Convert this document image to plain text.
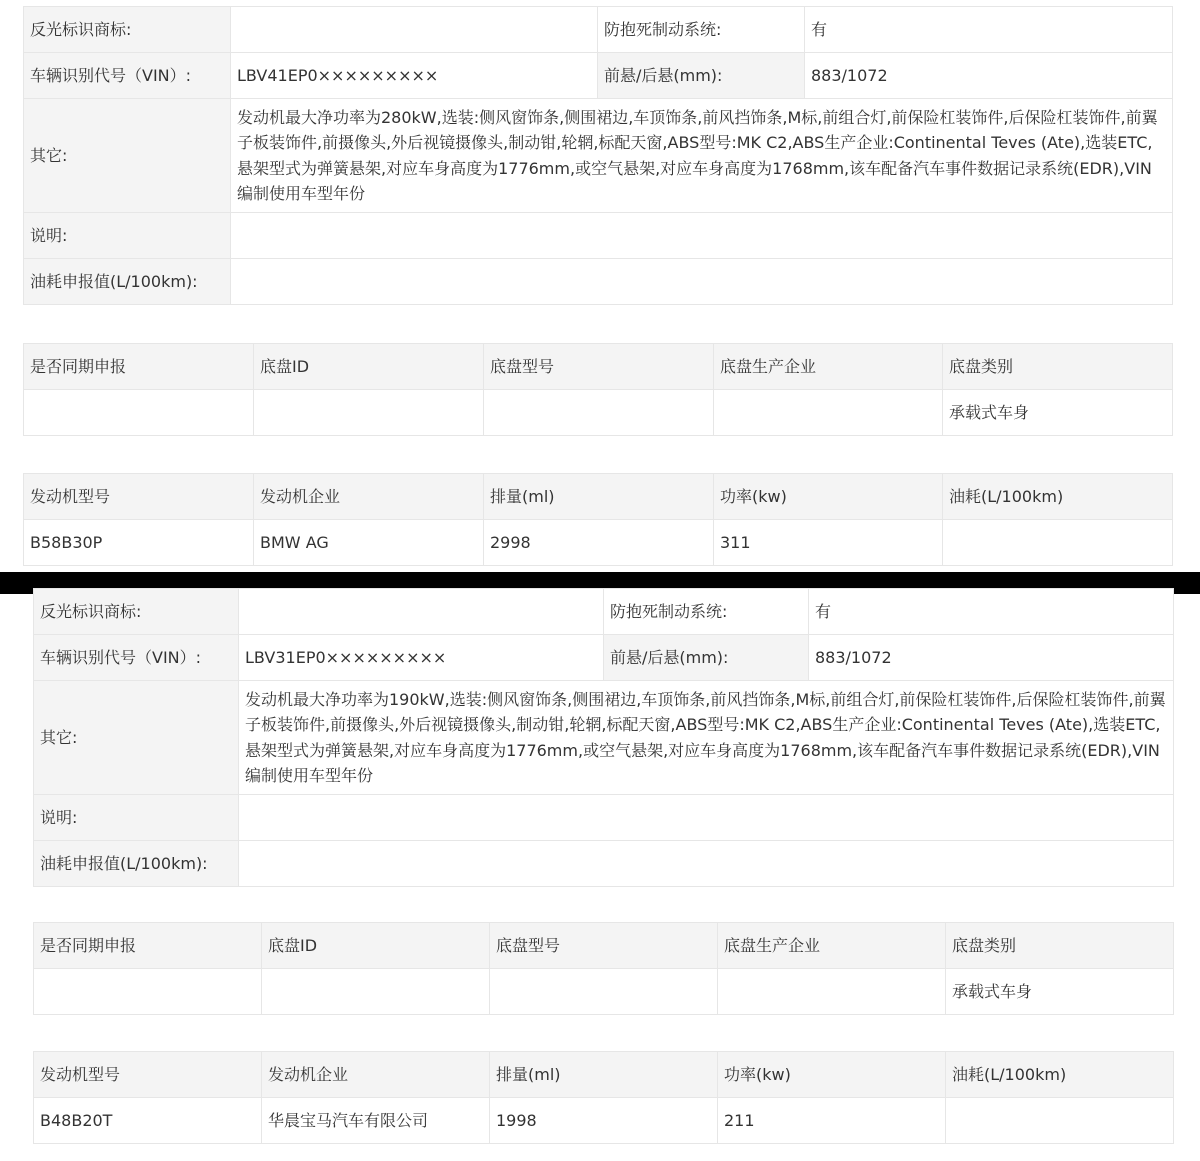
反光标识商标:		防抱死制动系统:	有
车辆识别代号（VIN）:	LBV41EP0×××××××××	前悬/后悬(mm):	883/1072
其它:	发动机最大净功率为280kW,选装:侧风窗饰条,侧围裙边,车顶饰条,前风挡饰条,M标,前组合灯,前保险杠装饰件,后保险杠装饰件,前翼子板装饰件,前摄像头,外后视镜摄像头,制动钳,轮辋,标配天窗,ABS型号:MK C2,ABS生产企业:Continental Teves (Ate),选装ETC,悬架型式为弹簧悬架,对应车身高度为1776mm,或空气悬架,对应车身高度为1768mm,该车配备汽车事件数据记录系统(EDR),VIN编制使用车型年份		
说明:			
油耗申报值(L/100km):			
是否同期申报	底盘ID	底盘型号	底盘生产企业	底盘类别
				承载式车身
发动机型号	发动机企业	排量(ml)	功率(kw)	油耗(L/100km)
B58B30P	BMW AG	2998	311	
反光标识商标:		防抱死制动系统:	有
车辆识别代号（VIN）:	LBV31EP0×××××××××	前悬/后悬(mm):	883/1072
其它:	发动机最大净功率为190kW,选装:侧风窗饰条,侧围裙边,车顶饰条,前风挡饰条,M标,前组合灯,前保险杠装饰件,后保险杠装饰件,前翼子板装饰件,前摄像头,外后视镜摄像头,制动钳,轮辋,标配天窗,ABS型号:MK C2,ABS生产企业:Continental Teves (Ate),选装ETC,悬架型式为弹簧悬架,对应车身高度为1776mm,或空气悬架,对应车身高度为1768mm,该车配备汽车事件数据记录系统(EDR),VIN编制使用车型年份		
说明:			
油耗申报值(L/100km):			
是否同期申报	底盘ID	底盘型号	底盘生产企业	底盘类别
				承载式车身
发动机型号	发动机企业	排量(ml)	功率(kw)	油耗(L/100km)
B48B20T	华晨宝马汽车有限公司	1998	211	
